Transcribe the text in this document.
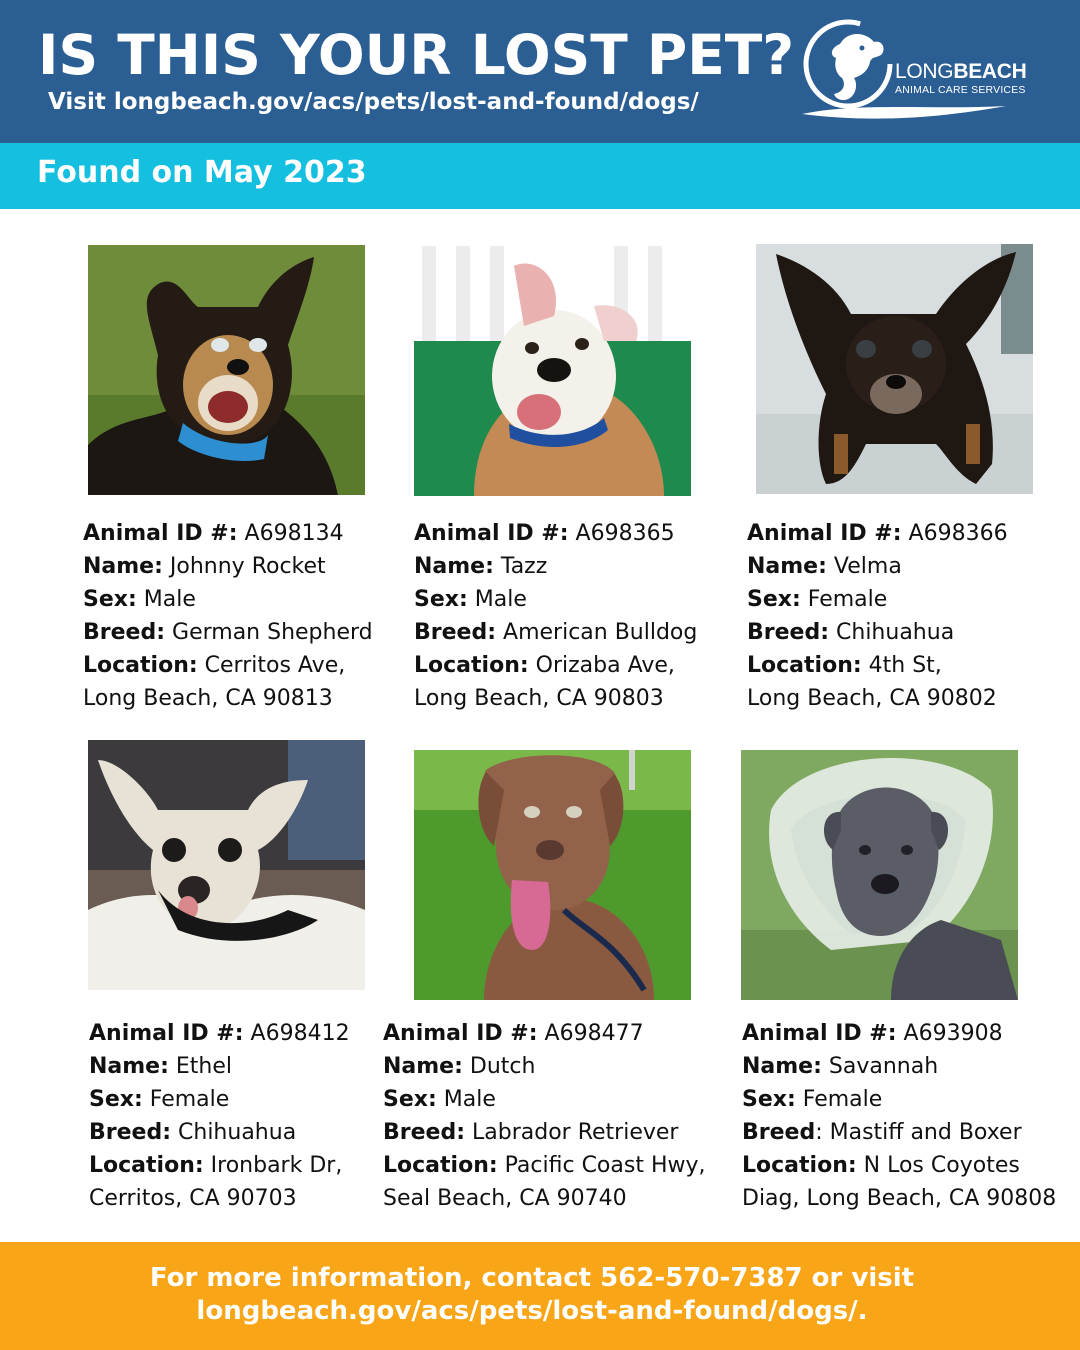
IS THIS YOUR LOST PET?
Visit longbeach.gov/acs/pets/lost-and-found/dogs/
LONGBEACH
ANIMAL CARE SERVICES
Found on May 2023
Animal ID #: A698134
Name: Johnny Rocket
Sex: Male
Breed: German Shepherd
Location: Cerritos Ave,
Long Beach, CA 90813
Animal ID #: A698365
Name: Tazz
Sex: Male
Breed: American Bulldog
Location: Orizaba Ave,
Long Beach, CA 90803
Animal ID #: A698366
Name: Velma
Sex: Female
Breed: Chihuahua
Location: 4th St,
Long Beach, CA 90802
Animal ID #: A698412
Name: Ethel
Sex: Female
Breed: Chihuahua
Location: Ironbark Dr,
Cerritos, CA 90703
Animal ID #: A698477
Name: Dutch
Sex: Male
Breed: Labrador Retriever
Location: Pacific Coast Hwy,
Seal Beach, CA 90740
Animal ID #: A693908
Name: Savannah
Sex: Female
Breed: Mastiff and Boxer
Location: N Los Coyotes
Diag, Long Beach, CA 90808
For more information, contact 562-570-7387 or visit
longbeach.gov/acs/pets/lost-and-found/dogs/.
